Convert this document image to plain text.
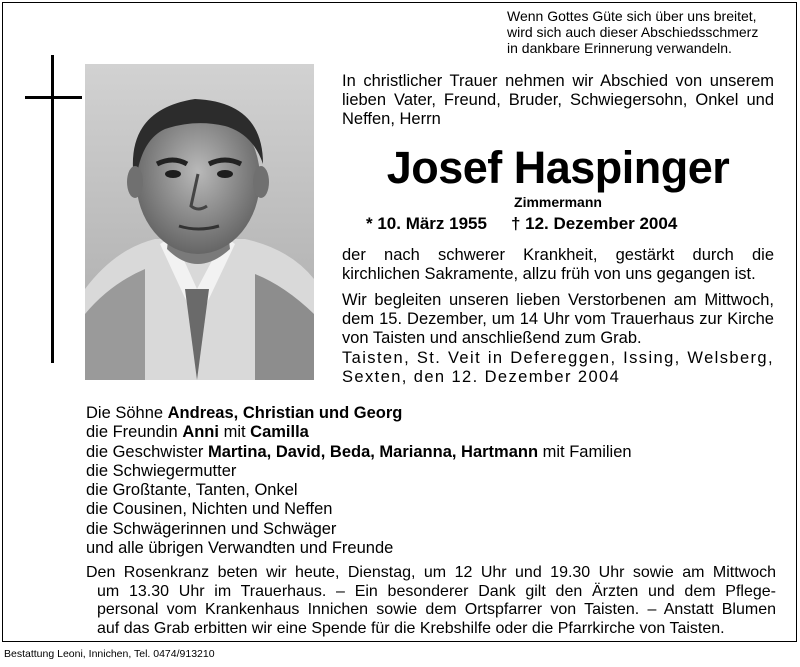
Wenn Gottes Güte sich über uns breitet,
wird sich auch dieser Abschiedsschmerz
in dankbare Erinnerung verwandeln.
In christlicher Trauer nehmen wir Abschied von unserem lieben Vater, Freund, Bruder, Schwiegersohn, Onkel und Neffen, Herrn
Josef Haspinger
Zimmermann
* 10. März 1955 † 12. Dezember 2004
der nach schwerer Krankheit, gestärkt durch die kirchlichen Sakramente, allzu früh von uns gegangen ist.
Wir begleiten unseren lieben Verstorbenen am Mittwoch, dem 15. Dezember, um 14 Uhr vom Trauerhaus zur Kirche von Taisten und anschließend zum Grab.
Taisten, St. Veit in Defereggen, Issing, Welsberg, Sexten, den 12. Dezember 2004
Die Söhne Andreas, Christian und Georg
die Freundin Anni mit Camilla
die Geschwister Martina, David, Beda, Marianna, Hartmann mit Familien
die Schwiegermutter
die Großtante, Tanten, Onkel
die Cousinen, Nichten und Neffen
die Schwägerinnen und Schwäger
und alle übrigen Verwandten und Freunde
Den Rosenkranz beten wir heute, Dienstag, um 12 Uhr und 19.30 Uhr sowie am Mittwoch
um 13.30 Uhr im Trauerhaus. – Ein besonderer Dank gilt den Ärzten und dem Pflege-
personal vom Krankenhaus Innichen sowie dem Ortspfarrer von Taisten. – Anstatt Blumen
auf das Grab erbitten wir eine Spende für die Krebshilfe oder die Pfarrkirche von Taisten.
Bestattung Leoni, Innichen, Tel. 0474/913210
